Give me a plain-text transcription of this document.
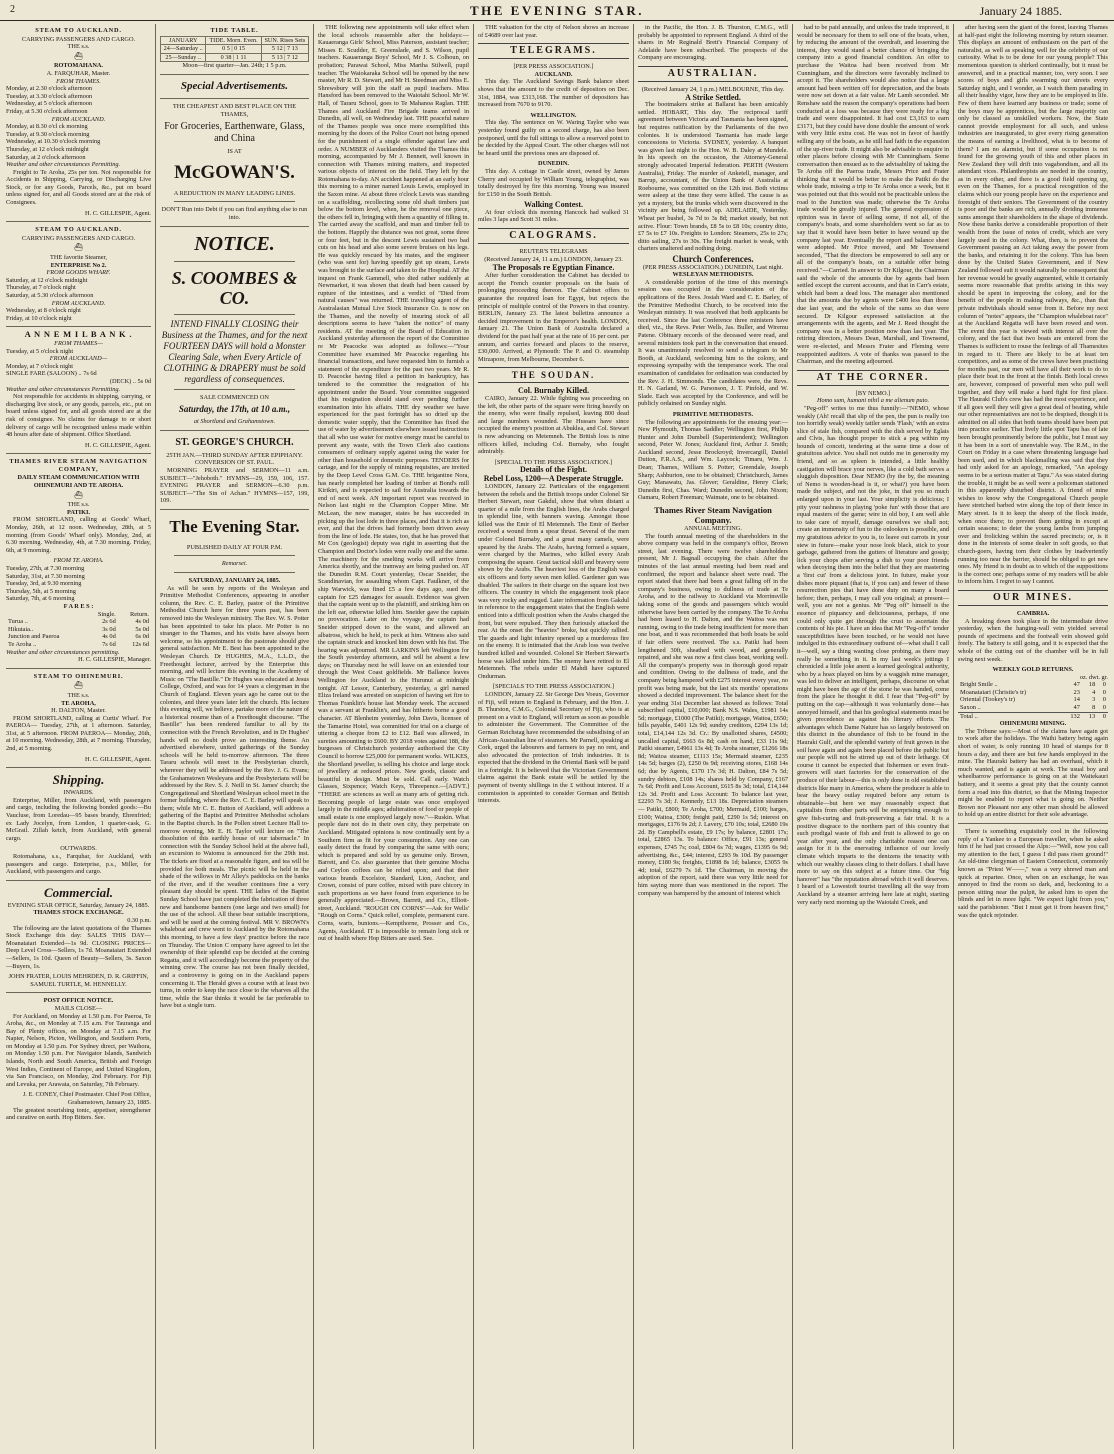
2	THE EVENING STAR.	January 24 1885.
STEAM TO AUCKLAND.
CARRYING PASSENGERS AND CARGO.
THE s.s.
⛴
ROTOMAHANA.
A. FARQUHAR, Master.
FROM THAMES.
Monday, at 2.30 o'clock afternoon
Tuesday, at 3.30 o'clock afternoon
Wednesday, at 5 o'clock afternoon
Friday, at 5.30 o'clock afternoon
FROM AUCKLAND.
Monday, at 8.30 o'cl ck morning
Tuesday, at 9.30 o'clock morning
Wednesday, at 10.30 o'clock morning
Thursday, at 12 o'clock midnight
Saturday, at 2 o'clock afternoon
Weather and other circumstances Permitting.

Freight to Te Aroha, 25s per ton. Not responsible for Accidents in Shipping, Carrying, or Discharging Live Stock, or for any Goods, Parcels, &c., put on board unless signed for, and all Goods stored are at the risk of Consignees.

H. C. GILLESPIE, Agent.
STEAM TO AUCKLAND.
CARRYING PASSENGERS AND CARGO.
⛴
THE favorite Steamer,
ENTERPRISE No 2.
FROM GOODS WHARF.
Saturday, at 12 o'clock midnight
Thursday, at 7 o'clock night
Saturday, at 5.30 o'clock afternoon
FROM AUCKLAND.
Wednesday, at 8 o'clock night
Friday, at 10 o'clock night
A N N E M I L B A N K .
FROM THAMES—
Tuesday, at 5 o'clock night
FROM AUCKLAND—
Monday, at 7 o'clock night
SINGLE FARE (SALOON) .. 7s 6d
(DECK) .. 5s 0d
Weather and other circumstances Permitting.

Not responsible for accidents in shipping, carrying, or discharging live stock, or any goods, parcels, etc., put on board unless signed for, and all goods stored are at the risk of consignee. No claims for damage to or short delivery of cargo will be recognised unless made within 48 hours after date of shipment. Office Shortland.

H. C. GILLESPIE, Agent.
THAMES RIVER STEAM NAVIGATION COMPANY,
DAILY STEAM COMMUNICATION WITH OHINEMURI AND TE AROHA.
⛴
THE s.s.
PATIKI.

FROM SHORTLAND, calling at Goods' Wharf, Monday, 26th, at 12 noon. Wednesday, 28th, at 5 morning (from Goods' Wharf only). Monday, 2nd, at 6.30 morning. Wednesday, 4th, at 7.30 morning. Friday, 6th, at 9 morning.

FROM TE AROHA.
Tuesday, 27th, at 7.30 morning
Saturday, 31st, at 7.30 morning
Tuesday, 3rd, at 9.30 morning
Thursday, 5th, at 5 morning
Saturday, 7th, at 6 morning
F A R E S :
	Single.	Return.
Turua ..	2s 6d	4s 0d
Hikutaia..	3s 0d	5s 0d
Junction and Paeroa	4s 0d	6s 0d
Te Aroha ..	7s 6d	12s 6d
Weather and other circumstances permitting.
H. C. GILLESPIE, Manager.
STEAM TO OHINEMURI.
⛴
THE s.s.
TE AROHA,
H. DALTON, Master.

FROM SHORTLAND, calling at Curtis' Wharf. For PAEROA— Tuesday, 27th, at 1 afternoon. Saturday, 31st, at 5 afternoon. FROM PAEROA— Monday, 26th, at 10 morning. Wednesday, 28th, at 7 morning. Thursday, 2nd, at 5 morning.

H. C. GILLESPIE, Agent.
Shipping.
INWARDS.

Enterprise, Miller, from Auckland, with passengers and cargo, including the following bonded goods:—Bu Vaucluse, from Loredau—95 bases brandy, Ehrenfried; ex Lady Jocelyn, from London, 1 quarter-cask, G. McGrail. Zillah ketch, from Auckland, with general cargo.

OUTWARDS.

Rotomahana, s.s., Farquhar, for Auckland, with passengers and cargo. Enterprise, p.s., Miller, for Auckland, with passengers and cargo.

Commercial.
EVENING STAR OFFICE, Saturday, January 24, 1885.
THAMES STOCK EXCHANGE.
0.30 p.m.

The following are the latest quotations of the Thames Stock Exchange this day: SALES THIS DAY— Moanataiari Extended—1s 9d. CLOSING PRICES— Deep Level Cross—Sellers, 1s 7d. Moanataiari Extended—Sellers, 1s 10d. Queen of Beauty—Sellers, 3s. Saxon—Buyers, 1s.

JOHN FRATER, LOUIS MEHRDEN, D. R. GRIFFIN, SAMUEL TURTLE, M. HENNELLY.
POST OFFICE NOTICE.
MAILS CLOSE—

For Auckland, on Monday at 1.50 p.m. For Paeroa, Te Aroha, &c., on Monday at 7.15 a.m. For Tauranga and Bay of Plenty offices, on Monday at 7.15 a.m. For Napier, Nelson, Picton, Wellington, and Southern Ports, on Monday at 1.50 p.m. For Sydney direct, per Waihora, on Monday 1.50 p.m. For Navigator Islands, Sandwich Islands, North and South America, British and Foreign West Indies, Continent of Europe, and United Kingdom, via San Francisco, on Monday, 2nd February. For Fiji and Levuka, per Arawata, on Saturday, 7th February.

J. E. CONEY, Chief Postmaster. Chief Post Office, Grahamstown, January 23, 1885.

The greatest nourishing tonic, appetiser, strengthener and curative on earth. Hop Bitters. See.

TIDE TABLE.
JANUARY	TIDE. Morn. Even.	SUN. Rises Sets
24—Saturday ..	0 5 | 0 15	5 12 | 7 13
25—Sunday ..	0 38 | 1 11	5 13 | 7 12
Moon—first quarter—Jan. 24th; 1 5 p.m.
Special Advertisements.
THE CHEAPEST AND BEST PLACE ON THE THAMES,
For Groceries, Earthenware, Glass, and China
IS AT
McGOWAN'S.
A REDUCTION IN MANY LEADING LINES.
DON'T Run into Debt if you can find anything else to run into.
NOTICE.
S. COOMBES & CO.
INTEND FINALLY CLOSING their Business at the Thames, and for the next FOURTEEN DAYS will hold a Monster Clearing Sale, when Every Article of CLOTHING & DRAPERY must be sold regardless of consequences.
SALE COMMENCED ON
Saturday, the 17th, at 10 a.m.,
at Shortland and Grahamstown.
ST. GEORGE'S CHURCH.
25TH JAN.—THIRD SUNDAY AFTER EPIPHANY.
CONVERSION OF ST. PAUL.

MORNING PRAYER and SERMON—11 a.m. SUBJECT—"Jehoboth." HYMNS—29, 159, 106, 157. EVENING PRAYER and SERMON—6.30 p.m. SUBJECT—"The Sin of Achan." HYMNS—157, 199, 109.

The Evening Star.
PUBLISHED DAILY AT FOUR P.M.
Remarsei.
SATURDAY, JANUARY 24, 1885.

As will be seen by reports of the Wesleyan and Primitive Methodist Conferences, appearing in another column, the Rev. C. E. Barley, pastor of the Primitive Methodist Church here for three years past, has been removed into the Wesleyan ministry. The Rev. W. S. Potter has been appointed to take his place. Mr Potter is no stranger to the Thames, and his visits have always been welcome, so his appointment to the pastorate should give general satisfaction. Mr E. Best has been appointed to the Wesleyan Church. Dr HUGHES, M.A., L.L.D., the Freethought lecturer, arrived by the Enterprise this morning, and will lecture this evening in the Academy of Music on "The Bastille." Dr Hughes was educated at Jesus College, Oxford, and was for 14 years a clergyman in the Church of England. Eleven years ago he came out to the colonies, and three years later left the church. His lecture this evening will, we believe, partake more of the nature of a historical resume than of a Freethought discourse. "The Bastille" has been rendered familiar to all by its connection with the French Revolution, and in Dr Hughes' hands will no doubt prove an interesting theme. An advertised elsewhere, united gatherings of the Sunday schools will be held to-morrow afternoon. The three Tararu schools will meet in the Presbyterian church, wherever they will be addressed by the Rev. J. G. Evans; the Grahamstown Wesleyans and the Presbyterians will be addressed by the Rev. S. J. Neill in St. James' church; the Congregational and Shortland Wesleyan school meet in the former building, where the Rev. C. E. Barley will speak to them; while Mr C. E. Button of Auckland, will address a gathering of the Baptist and Primitive Methodist scholars in the Baptist church. In the Pollen street Lecture Hall to-morrow evening, Mr E. H. Taylor will lecture on "The dissolution of this earthly house of our tabernacle." In connection with the Sunday School held at the above hall, an excursion to Waiomu is announced for the 29th inst. The tickets are fixed at a reasonable figure, and tea will be provided for both meals. The picnic will be held in the shade of the willows in Mr Alley's paddocks on the banks of the river, and if the weather continues fine a very pleasant day should be spent. THE ladies of the Baptist Sunday School have just completed the fabrication of three new and handsome banners (one large and two small) for the use of the school. All these bear suitable inscriptions, and will be used at the coming festival. MR V. BROWN's whaleboat and crew went to Auckland by the Rotomahana this morning, to have a few days' practice before the race on Thursday. The Union C ompany have agreed to let the ownership of their splendid cup be decided at the coming Regatta, and it will accordingly become the property of the winning crew. The course has not been finally decided, and a controversy is going on in the Auckland papers concerning it. The Herald gives a course with at least two turns, in order to keep the race close to the wharves all the time, while the Star thinks it would be far preferable to have but a single turn.

THE following new appointments will take effect when the local schools reassemble after the holidays:—Kauaeranga Girls' School, Miss Paterson, assistant teacher; Misses E. Scudder, E. Greenslade, and S. Wilson, pupil teachers. Kauaeranga Boys' School, Mr J. S. Colhoun, on probation; Parawai School, Miss Martha Stilwell, pupil teacher. The Waiokaraka School will be opened by the new master, Mr R. D. Stewart, and Mr H. Steedman and Miss E. Shrewsbury will join the staff as pupil teachers. Miss Hansford has been removed to the Waiotahi School. Mr W. Hall, of Tararu School, goes to Te Mahanoa Raglan. THE Thames and Auckland Fire Brigade teams arrived in Dunedin, all well, on Wednesday last. THE peaceful nature of the Thames people was once more exemplified this morning by the doors of the Police Court not being opened for the punishment of a single offender against law and order. A NUMBER of Aucklanders visited the Thames this morning, accompanied by Mr J. Bennett, well known in connection with Thames mining matters, and inspected various objects of interest on the field. They left by the Rotomahana to-day. AN accident happened at an early hour this morning to a miner named Louis Lewis, employed in the Saxon mine. At about three o'clock Lewis was standing on a scaffolding, recollecting some old shaft timbers just below the bottom level, when, he the removal one piece, the others fell in, bringing with them a quantity of filling in. The carried away the scaffold, and man and timber fell to the bottom. Happily the distance was not great, some three or four feet, but in the descent Lewis sustained two bad cuts on his head and also some severe bruises on his legs. He was quickly rescued by his mates, and the engineer (who was sent for) having speedily got up steam, Lewis was brought to the surface and taken to the Hospital. AT the inquest on Frank Gammell, who died rather suddenly at Newmarket, it was shown that death had been caused by rupture of the intestines, and a verdict of "Died from natural causes" was returned. THE travelling agent of the Australasian Mutual Live Stock Insurance Co. is now on the Thames, and the novelty of insuring stock of all descriptions seems to have "taken the notice" of many residents. AT the meeting of the Board of Education in Auckland yesterday afternoon the report of the Committee re Mr Peacocke was adopted as follows:—"Your Committee have examined Mr Peacocke regarding his financial transactions, and have requested him to furnish a statement of the expenditure for the past two years. Mr R. D. Peacocke having filed a petition in bankruptcy, has tendered to the committee the resignation of his appointment under the Board. Your committee suggested that his resignation should stand over pending further examination into his affairs. THE dry weather we have experienced for the past fortnight has so dried up the domestic water supply, that the Committee has fixed the use of water by advertisement elsewhere issued instructions that all who use water for motive energy must be careful to prevent any waste, with the Town Clerk also cautions consumers of ordinary supply against using the water for other than household or domestic purposes. TENDERS for cartage, and for the supply of mining requisites, are invited by the Deep Level Cross G.M. Co. THE brigantine Nora, has nearly completed her loading of timber at Bond's mill Kirikiri, and is expected to sail for Australia towards the end of next week. AN important report was received in Nelson last night re the Champion Copper Mine. Mr McLean, the new manager, states he has succeeded in picking up the lost lode in three places, and that it is rich as ever, and that the drives had formerly been driven away from the line of lode. He states, too, that he has proved that Mr Cox (geologist) deputy was right in asserting that the Champion and Doctor's lodes were really one and the same. The machinery for the smelting works will arrive from America shortly, and the tramway are being pushed on. AT the Dunedin R.M. Court yesterday, Oscar Sneider, the Scandinavian, for assaulting whom Capt. Faulkner, of the ship Warwick, was fined £5 a few days ago, sued the captain for £25 damages for assault. Evidence was given that the captain went up to the plaintiff, and striking him on the left ear, otherwise killed him. Sneider gave the captain no provocation. Later on the voyage, the captain had Sneider stripped down to the waist, and allowed an albatross, which he held, to peck at him. Witness also said the captain struck and knocked him down with his fist. The hearing was adjourned. MR LARKINS left Wellington for the South yesterday afternoon, and will be absent a few days; on Thursday next he will leave on an extended tour through the West Coast goldfields. Mr Ballance leaves Wellington for Auckland to the Hurunui at midnight tonight. AT Lessor, Canterbury, yesterday, a girl named Eliza Ireland was arrested on suspicion of having set fire to Thomas Franklin's house last Monday week. The accused was a servant at Franklin's, and has hitherto borne a good character. AT Blenheim yesterday, John Davis, licensee of the Tamarine Hotel, was committed for trial on a charge of uttering a cheque from £2 to £12. Bail was allowed, in sureties amounting to £600. BY 2018 votes against 188, the burgesses of Christchurch yesterday authorised the City Council to borrow £25,000 for permanent works. WILKES, the Shortland jeweller, is selling his choice and large stock of jewellery at reduced prices. New goods, classic and beautiful in design. Must be sold. Call early. Watch Glasses, Sixpence; Watch Keys, Threepence.—[ADVT.] "THERE are sciences as well as many arts of getting rich. Becoming people of large estate was once employed largely in the middle ages; adulteration of food or people of small estate is one employed largely now."—Ruskin. What people dare not do in their own city, they perpetrate on Auckland. Mitigated opinions is now continually sent by a Southern firm as fit for your consumption. Any one can easily detect the fraud by comparing the same with ours; which is prepared and sold by us genuine only. Brown, Barrett, and Co. also guarantee that their genuine Mocha and Ceylon coffees can be relied upon; and that their various brands Excelsior, Standard, Lion, Anchor, and Crown, consist of pure coffee, mixed with pure chicory in such proportions as we have found from experience to be generally appreciated.—Brown, Barrett, and Co., Elliott-street, Auckland. "ROUGH ON CORNS"—Ask for Wells' "Rough on Corns." Quick relief, complete, permanent cure. Corns, warts, bunions.—Kempthorne, Prosser and Co., Agents, Auckland. IT is impossible to remain long sick or out of health where Hop Bitters are used. See.

THE valuation for the city of Nelson shows an increase of £4689 over last year.

TELEGRAMS.
[PER PRESS ASSOCIATION.]
AUCKLAND.

This day. The Auckland Savings Bank balance sheet shows that the amount to the credit of depositors on Dec. 31st, 1884, was £313,168. The number of depositors has increased from 7670 to 9170.

WELLINGTON.

This day. The sentence on W. Waring Taylor who was yesterday found guilty on a second charge, has also been postponed, until the full sittings to allow a reserved point to be decided by the Appeal Court. The other charges will not be heard until the previous ones are disposed of.

DUNEDIN.

This day. A cottage in Castle street, owned by James Cherry and occupied by William Young, telegraphist, was totally destroyed by fire this morning. Young was insured for £150 in the South British.

Walking Contest.

At four o'clock this morning Hancock had walked 31 miles 3 laps and Scott 31 miles.

CALOGRAMS.
REUTER'S TELEGRAMS
(Received January 24, 11 a.m.) LONDON, January 23.
The Proposals re Egyptian Finance.

After further consideration the Cabinet has decided to accept the French counter proposals on the basis of prolonging proceeding thereon. The Cabinet offers to guarantee the required loan for Egypt, but rejects the principle of multiple control of the Powers in that country. BERLIN, January 23. The latest bulletins announce a decided improvement in the Emperor's health. LONDON, January 21. The Union Bank of Australia declared a dividend for the past half year at the rate of 16 per cent. per annum, and carries forward and places to the reserve, £30,000. Arrived, at Plymouth: The P. and O. steamship Mirzapore, from Melbourne, December 6.

THE SOUDAN.
Col. Burnaby Killed.

CAIRO, January 22. While fighting was proceeding on the left, the other parts of the square were firing heavily on the enemy, who were finally repulsed, leaving 800 dead and large numbers wounded. The Hussars have since occupied the enemy's position at Abuklea, and Col. Stewart is now advancing on Metemneh. The British loss is nine officers killed, including Col. Burnaby, who fought admirably.

[SPECIAL TO THE PRESS ASSOCIATION.]
Details of the Fight.
Rebel Loss, 1200—A Desperate Struggle.

LONDON, January 22. Particulars of the engagement between the rebels and the British troops under Colonel Sir Herbert Stewart, near Gakdul, show that when distant a quarter of a mile from the English lines, the Arabs charged in splendid line, with banners waving. Amongst those killed was the Emir of El Metemneh. The Emir of Berber received a wound from a spear thrust. Several of the men under Colonel Burnaby, and a great many camels, were speared by the Arabs. The Arabs, having formed a square, were charged by the Marines, who killed every Arab composing the square. Great tactical skill and bravery were shown by the Arabs. The heaviest loss of the English was six officers and forty seven men killed. Gardener gun was disabled. The sailors in their charge on the square lost two officers. The country in which the engagement took place was very rocky and rugged. Later information from Gakdul in reference to the engagement states that the English were enticed into a difficult position when the Arabs charged the front, but were repulsed. They then furiously attacked the rear. At the onset the "heavies" broke, but quickly rallied. The guards and light infantry opened up a murderous fire on the enemy. It is intimated that the Arab loss was twelve hundred killed and wounded. Colonel Sir Herbert Stewart's horse was killed under him. The enemy have retired to El Metemneh. The rebels under El Mahdi have captured Ondurman.

[SPECIALS TO THE PRESS ASSOCIATION.]

LONDON, January 22. Sir George Des Voeux, Governor of Fiji, will return to England in February, and the Hon. J. B. Thurston, C.M.G., Colonial Secretary of Fiji, who is at present on a visit to England, will return as soon as possible to administer the Government. The Committee of the German Reichstag have recommended the subsidising of an African-Australian line of steamers. Mr Parnell, speaking at Cork, urged the labourers and farmers to pay no rent, and also advocated the protection of Irish industries. It is expected that the dividend in the Oriental Bank will be paid in a fortnight. It is believed that the Victorian Government claims against the Bank estate will be settled by the payment of twenty shillings in the £ without interest. If a commission is appointed to consider Gorman and British interests.

in the Pacific, the Hon. J. B. Thurston, C.M.G., will probably be appointed to represent England. A third of the shares in Mr Reginald Brett's Financial Company of Adelaide have been subscribed. The prospects of the Company are encouraging.

AUSTRALIAN.
(Received January 24, 1 p.m.) MELBOURNE, This day.
A Strike Settled.

The bootmakers strike at Ballarat has been amicably settled. HOBART, This day. The reciprocal tariff agreement between Victoria and Tasmania has been signed, but requires ratification by the Parliaments of the two colonies. It is understood Tasmania has made large concessions to Victoria. SYDNEY, yesterday. A banquet was given last night to the Hon. W. B. Daley at Mundele. In his speech on the occasion, the Attorney-General strongly advocated Imperial federation. PERTH (Western Australia), Friday. The murder of Anketell, manager, and Barrup, accountant, of the Union Bank of Australia at Roebourne, was committed on the 12th inst. Both victims were asleep at the time they were killed. The cause is as yet a mystery, but the trunks which were discovered in the vicinity are being followed up. ADELAIDE, Yesterday. Wheat per bushel, 3s 7d to 3s 8d; market steady, but not active. Flour: Town brands, £8 5s to £8 10s; country ditto, £7 5s to £7 10s. Freights to London: Steamers, 25s to 27s; ditto sailing, 27s to 30s. The freight market is weak, with charters unaltered and nothing doing.

Church Conferences.
(PER PRESS ASSOCIATION.) DUNEDIN, Last night.
WESLEYAN METHODISTS.

A considerable portion of the time of this morning's session was occupied in the consideration of the applications of the Revs. Josiah Ward and C. E. Barley, of the Primitive Methodist Church, to be received into the Wesleyan ministry. It was resolved that both applicants be received. Since the last Conference three ministers have died, viz., the Revs. Peter Wells, Jas. Buller, and Wiremu Patene. Obituary records of the deceased were read, and several ministers took part in the conversation that ensued. It was unanimously resolved to send a telegram to Mr Booth, at Auckland, welcoming him to the colony, and expressing sympathy with the temperance work. The oral examination of candidates for ordination was conducted by the Rev. J. H. Simmonds. The candidates were, the Revs. H. N. Garland, W. G. Parsonson, J. T. Pinfold, and W. Slade. Each was accepted by the Conference, and will be publicly ordained on Sunday night.

PRIMITIVE METHODISTS.

The following are appointments for the ensuing year:—New Plymouth, Thomas Saddler; Wellington first, Phillip Hunter and John Dumbell (Superintendent); Wellington second, Peter W. Jones; Auckland first, Arthur J. Smith; Auckland second, Jesse Brockroyd; Invercargill, Daniel Dutton, F.R.A.S., and Wm. Laycock; Timaru, Wm. J. Dean; Thames, William S. Potter; Greendale, Joseph Sharp; Ashburton, one to be obtained; Christchurch, James Guy; Manawatu, Jas. Glover; Geraldine, Henry Clark; Dunedin first, Chas. Ward; Dunedin second, John Nixon; Oamaru, Robert Freeman; Waimate, one to be obtained.

Thames River Steam Navigation Company.
ANNUAL MEETING.

The fourth annual meeting of the shareholders in the above company was held in the company's office, Brown street, last evening. There were twelve shareholders present, Mr J. Bagnall occupying the chair. After the minutes of the last annual meeting had been read and confirmed, the report and balance sheet were read. The report stated that there had been a great falling off in the company's business, owing to dullness of trade at Te Aroha, and to the railway to Auckland via Morrinsville taking some of the goods and passengers which would otherwise have been carried by the company. The Te Aroha had been leased to H. Dalton, and the Waitoa was not running, owing to the trade being insufficient for more than one boat, and it was recommended that both boats be sold if fair offers were received. The s.s. Patiki had been lengthened 30ft, sheathed with wood, and generally repaired, and she was now a first class boat, working well. All the company's property was in thorough good repair and condition. Owing to the dullness of trade, and the company being hampered with £275 interest every year, no profit was being made, but the last six months' operations showed a decided improvement. The balance sheet for the year ending 31st December last showed as follows: Total subscribed capital, £10,000; Bank N.S. Wales, £1981 14s 5d; mortgage, £1000 (The Patiki); mortgage, Waitoa, £650; bills payable, £401 12s 9d; sundry creditors, £294 13s 1d; total, £14,144 12s 3d. Cr.: By unallotted shares, £4500; uncalled capital, £663 6s 8d; cash on hand, £33 11s 9d; Patiki steamer, £4961 13s 4d; Te Aroha steamer, £1266 18s 8d; Waitoa steamer, £1113 15s; Mermaid steamer, £235 14s 5d; barges (2), £250 0s 9d; receiving stores, £168 14s 6d; due by Agents, £170 17s 3d; H. Dalton, £84 7s 5d; sundry debtors, £108 14s; shares held by Company, £167 7s 6d; Profit and Loss Account, £615 8s 3d; total, £14,144 12s 3d. Profit and Loss Account: To balance last year, £2293 7s 3d; J. Kennedy, £13 18s. Depreciation steamers — Patiki, £800; Te Aroha, £700; Mermaid, £100; barges, £100; Waitoa, £300; freight paid, £290 1s 5d; interest on mortgages, £176 9s 2d; J. Lavery, £70 10s; total, £2680 19s 2d. By Campbell's estate, £9 17s; by balance, £2801 17s; total, £2865 13s. To balance: Office, £91 13s; general expenses, £745 7s; coal, £804 6s 7d; wages, £1395 6s 9d; advertising, &c., £44; interest, £293 9s 10d. By passenger money, £180 9s; freights, £1898 8s 1d; balance, £3055 9s 4d; total, £6279 7s 1d. The Chairman, in moving the adoption of the report, said there was very little need for him saying more than was mentioned in the report. The company was hampered by the amount of interest which

had to be paid annually, and unless the trade improved, it would be necessary for them to sell one of the boats, when, by reducing the amount of the overdraft, and lessening the interest, they would stand a better chance of bringing the company into a good financial condition. An offer to purchase the Waitoa had been received from Mr Cunningham, and the directors were favorably inclined to accept it. The shareholders would also notice that a large amount had been written off for depreciation, and the boats were now set down at a fair value. Mr Lamb seconded. Mr Renshaw said the reason the company's operations had been conducted at a loss was because they were ready for a big trade and were disappointed. It had cost £3,163 to earn £3171, but they could have done double the amount of work with very little extra cost. He was not in favor of hastily selling any of the boats, as he still had faith in the expansion of the up-river trade. It might also be advisable to enquire in other places before closing with Mr Cunningham. Some conversation then ensued as to the advisability of taking the Te Aroha off the Paeroa trade, Messrs Price and Frater thinking that it would be better to make the Patiki do the whole trade, missing a trip to Te Aroha once a week, but it was pointed out that this would not be practicable unless the road to the Junction was made; otherwise the Te Aroha trade would be greatly injured. The general expression of opinion was in favor of selling some, if not all, of the company's boats, and some shareholders went so far as to say that it would have been better to have wound up the company last year. Eventually the report and balance sheet were adopted. Mr Price moved, and Mr Townsend seconded, "That the directors be empowered to sell any or all of the company's boats, on a suitable offer being received."—Carried. In answer to Dr Kilgour, the Chairman said the whole of the amounts due by agents had been settled except the current accounts, and that in Carr's estate, which had been a dead loss. The manager also mentioned that the amounts due by agents were £400 less than those due last year, and the whole of the sums so due were secured. Dr Kilgour expressed satisfaction at the arrangements with the agents, and Mr J. Reed thought the company was in a better position now than last year. The retiring directors, Messrs Dean, Marshall, and Townsend, were re-elected, and Messrs Frater and Fleming were reappointed auditors. A vote of thanks was passed to the Chairman, and the meeting adjourned.

AT THE CORNER.
[BY NEMO.]
Homo sum, humani nihil a me alienum puto.

"Peg-off" writes to me thus funnily:—"NEMO, whose weakly (Ah! recall that slip of the pen, the pun is really too too horridly weak) weekly tattler sends 'Flash,' with an extra slice of stale fish, compared with the dish served by Eglais and Clvis, has thought proper to stick a peg within my bounds of conceit, tendering at the same time a dose of gratuitous advice. You shall not outdo me in generosity my friend, and so as spleen is intended, a little healthy castigation will brace your nerves, like a cold bath serves a sluggish disposition. Dear NEMO (by the by, the meaning of Nemo is wooden-head is it, or what?) you have been made the subject, and not the joke, in that you so much enlarged upon in your last. Your simplicity is delicious; I pity your rashness in playing 'poke fun' with those that are equal masters of the game; wire in old boy, I am well able to take care of myself, damage ourselves we shall not; create an immensity of fun to the onlookers is possible, and my gratuitous advice to you is, to leave out carrots in your stew in future—make your nose look black, stick to your garbage, gathered from the gutters of literature and gossip; lick your chops after serving a dish to your poor friends when decoying them into the belief that they are mastering a 'first cut' from a delicious joint. In future, make your dishes more piquant (that is, if you can) and fewer of these resurrection pies that have done duty on many a board before; then, perhaps, I may call you original; at present—well, you are not a genius. Mr "Peg off" himself is the essence of piquancy and deliciousness, perhaps, if one could only quite get through the crust to ascertain the contents of his pie. I have an idea that Mr "Peg-off's" tender susceptibilities have been touched, or he would not have indulged in this extraordinary outburst of—what shall I call it—well, say a thing wanting close probing, as there may really be something in it. In my last week's jottings I chronicled a little joke anent a learned geological authority, who by a hoax played on him by a waggish mine manager, was led to deliver an intelligent, perhaps, discourse on what might have been the age of the stone he was handed, come from the place he thought it did. I fear that "Peg-off" by putting on the cap—although it was voluntarily done—has annoyed himself, and that his geological statements must be given precedence as against his literary efforts. The advantages which Dame Nature has so largely bestowed on this district in the abundance of fish to be found in the Hauraki Gulf, and the splendid variety of fruit grown in the soil have again and again been placed before the public but our people will not be stirred up out of their lethargy. Of course it cannot be expected that fishermen or even fruit-growers will start factories for the conservation of the produce of their labour—this is only done in old established districts like many in America, where the producer is able to bear the heavy outlay required before any return is obtainable—but here we may reasonably expect that capitalists from other parts will be enterprising enough to give fish-curing and fruit-preserving a fair trial. It is a positive disgrace to the northern part of this country that such prodigal waste of fish and fruit is allowed to go on year after year, and the only charitable reason one can assign for it is the enervating influence of our lovely climate which imparts to the denizens the tenacity with which our wealthy classes cling to their dollars. I shall have more to say on this subject at a future time. Our "big hanover" has "the reputation abroad which it well deserves. I heard of a Lowestoft tourist travelling all the way from Auckland by a steamer arriving here late at night, starting very early next morning up the Waiotahi Creek, and

after having seen the giant of the forest, leaving Thames at half-past eight the following morning by return steamer. This displays an amount of enthusiasm on the part of the naturalist, as well as speaking well for the celebrity of our curiosity. What is to be done for our young people? This momentous question is shirked continually, but it must be answered, and in a practical manner, too, very soon. I see scores of boys and girls swarming our streets every Saturday night, and I wonder, as I watch them parading in all their healthy vigor, how they are to be employed in life. Few of them have learned any business or trade; some of the boys may be apprentices, but the large majority can only be classed as unskilled workers. Now, the State cannot provide employment for all such, and unless industries are inaugurated, to give every rising generation the means of earning a livelihood, what is to become of them? I am no alarmist, but if some occupation is not found for the growing youth of this and other places in New Zealand they will drift into vagabondism, and all its attendant vices. Philanthropists are needed in the country, as in every other, and there is a good field opening up, even on the Thames, for a practical recognition of the claims which our young people have on the experience and foresight of their seniors. The Government of the country is poor and the banks are rich, annually dividing immense sums amongst their shareholders in the shape of dividends. Now these banks derive a considerable proportion of their wealth from the issue of notes of credit, which are very largely used in the colony. What, then, is to prevent the Government passing an Act taking away the power from the banks, and retaining it for the colony. This has been done by the United States Government, and if New Zealand followed suit it would naturally be consequent that her revenue would be greatly augmented, while it certainly seems more reasonable that profits arising in this way should be spent in improving the colony, and for the benefit of the people in making railways, &c., than that private individuals should sense from it. Before my next column of "notes" appears, the "Champion whaleboat race" at the Auckland Regatta will have been rowed and won. The event this year is viewed with interest all over the colony, and the fact that two boats are entered from the Thames is sufficient to rouse the feelings of all Thamesites in regard to it. There are likely to be at least ten competitors, and as some of the crews have been practising for months past, our men will have all their work to do to place their boat in the front at the finish. Both local crews are, however, composed of powerful men who pull well together, and they will make a hard fight for first place. The Hauraki Club's crew has had the most experience, and if all goes well they will give a great deal of beating, while our other representatives are not to be despised, though it is admitted on all sides that both teams should have been put into practice earlier. That lively little spot Tapu has of late been brought prominently before the public, but I must say it has been in a sort of unenviable way. The R.M., in the Court on Friday in a case where threatening language had been used, and in which blackmailing was said that they had only asked for an apology, remarked, "An apology seems to be a serious matter at Tapu." As was stated during the trouble, it might be as well were a policeman stationed in this apparently disturbed district. A friend of mine wishes to know why the Congregational Church people have stretched barbed wire along the top of their fence in Mary street. Is it to keep the sheep of the flock inside, when once there; to prevent them getting in except at certain seasons; to deter the young lambs from jumping over and frolicking within the sacred precincts; or, is it done in the interests of some dealer in soft goods, so that church-goers, having torn their clothes by inadvertently running too near the barrier, should be obliged to get new ones. My friend is in doubt as to which of the suppositions is the correct one; perhaps some of my readers will be able to inform him. I regret to say I cannot.

OUR MINES.
CAMBRIA.

A breaking down took place in the intermediate drive yesterday, when the hanging-wall vein yielded several pounds of specimens and the footwall vein showed gold freely. The battery is still going, and it is expected that the whole of the cutting out of the chamber will be in full swing next week.

WEEKLY GOLD RETURNS.
oz. dwt. gr.
Bright Smile ..	47	18	0
Moanataiari (Christie's tr)	23	4	0
Oriental (Tookey's tr)	14	3	0
Saxon ..	47	8	0
Total ..	132	13	0
OHINEMURI MINING.

The Tribune says:—Most of the claims have again got to work after the holidays. The Waihi battery being again short of water, is only running 10 head of stamps for 8 hours a day, and there are but few hands employed in the mine. The Hauraki battery has had an overhaul, which it much wanted, and is again at work. The usual boy and wheelbarrow performance is going on at the Waitekauri battery, and it seems a great pity that the county cannot form a road into this district, so that the Mining Inspector might be enabled to report what is going on. Neither Brown nor Pleasant nor any other man should be allowed to hold up an entire district for their sole advantage.

There is something exquisitely cool in the following reply of a Yankee to a European traveller, when he asked him if he had just crossed the Alps:—"Well, now you call my attention to the fact, I guess I did pass risen ground!" An old-time clergyman of Eastern Connecticut, commonly known as "Priest W——," was a very shrewd man and quick at repartee. Once, when on an exchange, he was annoyed to find the room so dark, and, beckoning to a person sitting near the pulpit, he asked him to open the blinds and let in more light. "We expect light from you," said the parishioner. "But I must get it from heaven first," was the quick rejoinder.
